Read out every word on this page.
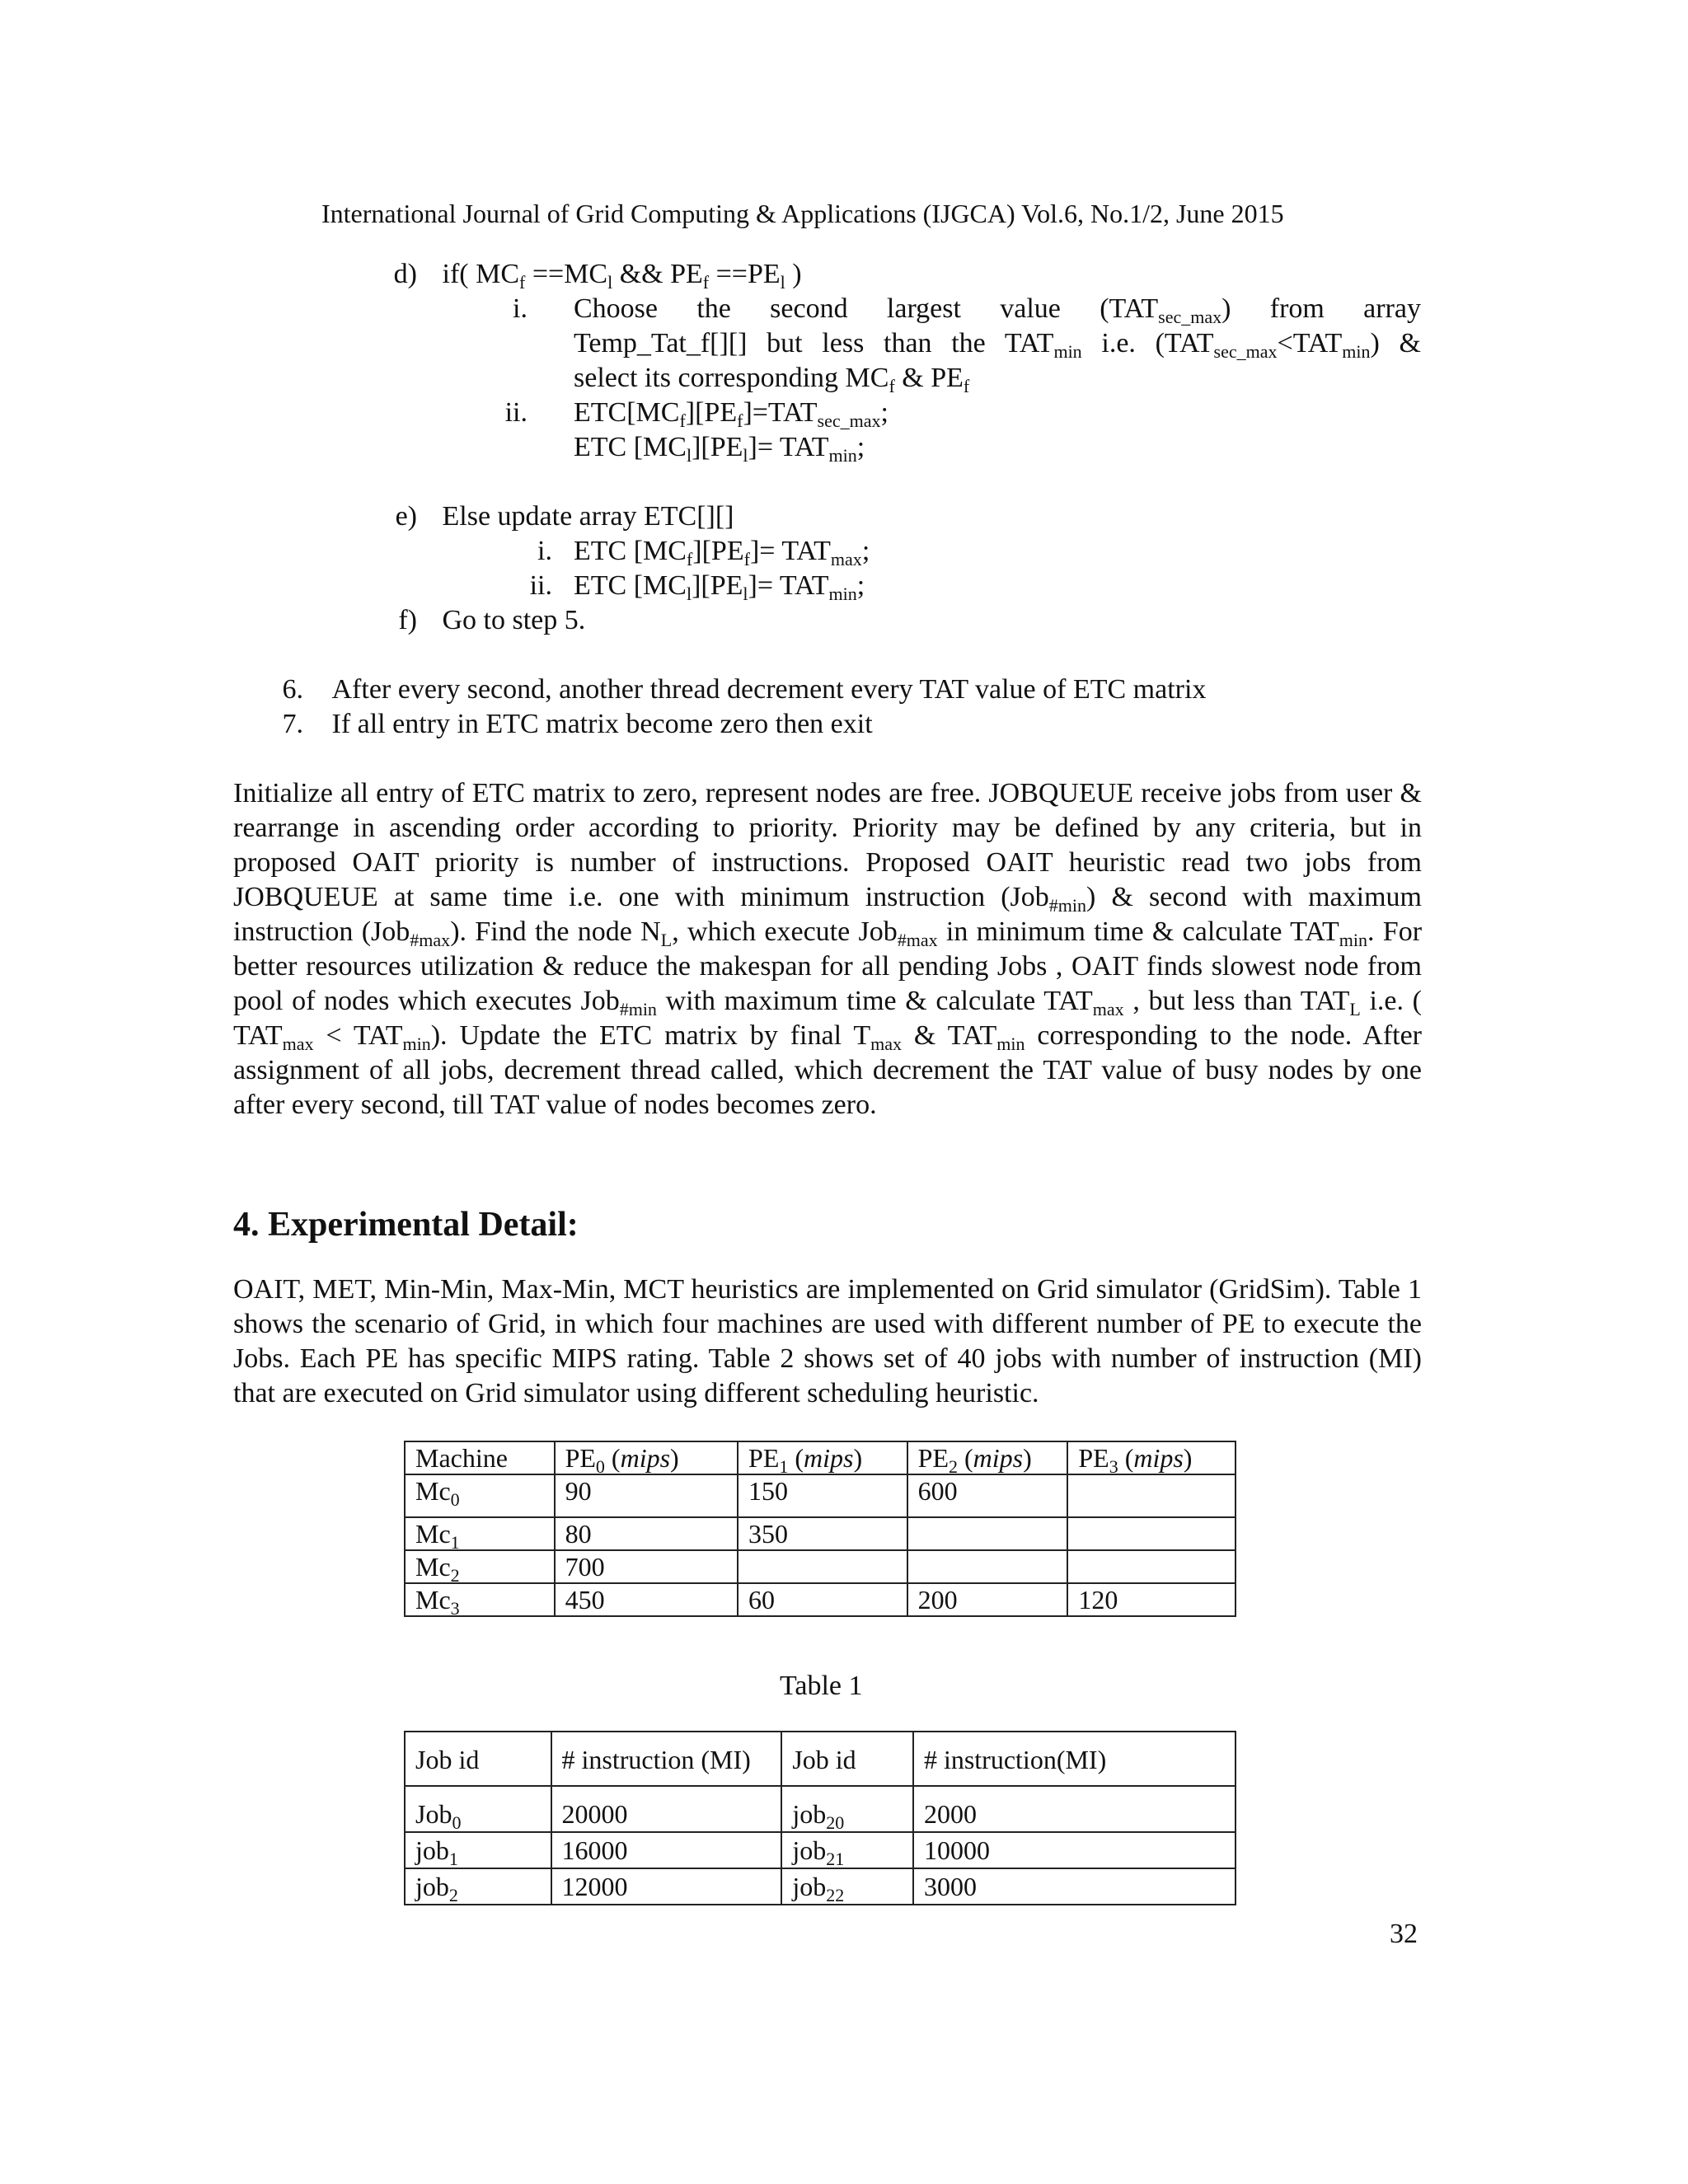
International Journal of Grid Computing & Applications (IJGCA) Vol.6, No.1/2, June 2015
d) if( $MC_f ==MC_l$ && $PE_f ==PE_l$ )
i. Choose the second largest value $(TAT_{sec\_max})$ from array
Temp_Tat_f[][] but less than the $TAT_{min}$ i.e. $(TAT_{sec\_max}<TAT_{min})$ &
select its corresponding $MC_f$ & $PE_f$
ii. $ETC[MC_f][PE_f]=TAT_{sec\_max}$;
ETC $[MC_l][PE_l]= TAT_{min}$;
e) Else update array ETC[][]
i. ETC $[MC_f][PE_f]= TAT_{max}$;
ii. ETC $[MC_l][PE_l]= TAT_{min}$;
f) Go to step 5.
6. After every second, another thread decrement every TAT value of ETC matrix
7. If all entry in ETC matrix become zero then exit
Initialize all entry of ETC matrix to zero, represent nodes are free. JOBQUEUE receive jobs from user & rearrange in ascending order according to priority. Priority may be defined by any criteria, but in proposed OAIT priority is number of instructions. Proposed OAIT heuristic read two jobs from JOBQUEUE at same time i.e. one with minimum instruction (Job$_{\#min}$) & second with maximum instruction (Job$_{\#max}$). Find the node $N_L$, which execute Job$_{\#max}$ in minimum time & calculate $TAT_{min}$. For better resources utilization & reduce the makespan for all pending Jobs , OAIT finds slowest node from pool of nodes which executes Job$_{\#min}$ with maximum time & calculate $TAT_{max}$ , but less than $TAT_L$ i.e. ( $TAT_{max} < TAT_{min}$). Update the ETC matrix by final $T_{max}$ & $TAT_{min}$ corresponding to the node. After assignment of all jobs, decrement thread called, which decrement the TAT value of busy nodes by one after every second, till TAT value of nodes becomes zero.
4. Experimental Detail:
OAIT, MET, Min-Min, Max-Min, MCT heuristics are implemented on Grid simulator (GridSim). Table 1 shows the scenario of Grid, in which four machines are used with different number of PE to execute the Jobs. Each PE has specific MIPS rating. Table 2 shows set of 40 jobs with number of instruction (MI) that are executed on Grid simulator using different scheduling heuristic.
Machine	$PE_0$ (mips)	$PE_1$ (mips)	$PE_2$ (mips)	$PE_3$ (mips)
$Mc_0$	90	150	600	
$Mc_1$	80	350		
$Mc_2$	700			
$Mc_3$	450	60	200	120
Table 1
Job id	# instruction (MI)	Job id	# instruction(MI)
Job$_0$	20000	job$_{20}$	2000
job$_1$	16000	job$_{21}$	10000
job$_2$	12000	job$_{22}$	3000
32
